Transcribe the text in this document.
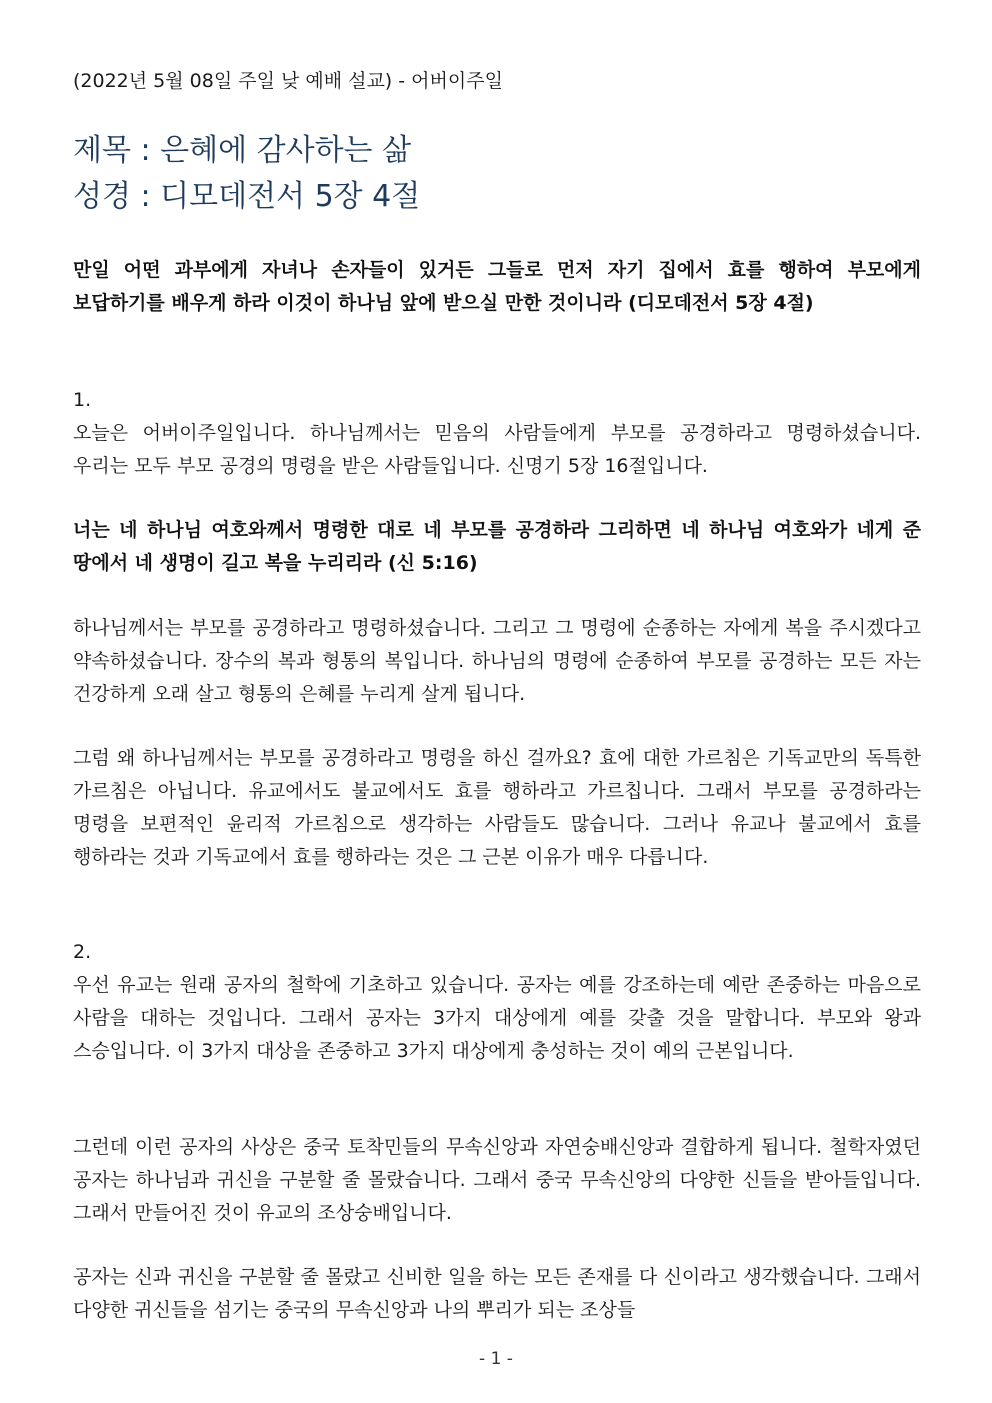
(2022년 5월 08일 주일 낮 예배 설교) - 어버이주일
제목 : 은혜에 감사하는 삶
성경 : 디모데전서 5장 4절
만일 어떤 과부에게 자녀나 손자들이 있거든 그들로 먼저 자기 집에서 효를 행하여 부모에게 보답하기를 배우게 하라 이것이 하나님 앞에 받으실 만한 것이니라 (디모데전서 5장 4절)
1.
오늘은 어버이주일입니다. 하나님께서는 믿음의 사람들에게 부모를 공경하라고 명령하셨습니다. 우리는 모두 부모 공경의 명령을 받은 사람들입니다. 신명기 5장 16절입니다.
너는 네 하나님 여호와께서 명령한 대로 네 부모를 공경하라 그리하면 네 하나님 여호와가 네게 준 땅에서 네 생명이 길고 복을 누리리라 (신 5:16)
하나님께서는 부모를 공경하라고 명령하셨습니다. 그리고 그 명령에 순종하는 자에게 복을 주시겠다고 약속하셨습니다. 장수의 복과 형통의 복입니다. 하나님의 명령에 순종하여 부모를 공경하는 모든 자는 건강하게 오래 살고 형통의 은혜를 누리게 살게 됩니다.
그럼 왜 하나님께서는 부모를 공경하라고 명령을 하신 걸까요? 효에 대한 가르침은 기독교만의 독특한 가르침은 아닙니다. 유교에서도 불교에서도 효를 행하라고 가르칩니다. 그래서 부모를 공경하라는 명령을 보편적인 윤리적 가르침으로 생각하는 사람들도 많습니다. 그러나 유교나 불교에서 효를 행하라는 것과 기독교에서 효를 행하라는 것은 그 근본 이유가 매우 다릅니다.
2.
우선 유교는 원래 공자의 철학에 기초하고 있습니다. 공자는 예를 강조하는데 예란 존중하는 마음으로 사람을 대하는 것입니다. 그래서 공자는 3가지 대상에게 예를 갖출 것을 말합니다. 부모와 왕과 스승입니다. 이 3가지 대상을 존중하고 3가지 대상에게 충성하는 것이 예의 근본입니다.
그런데 이런 공자의 사상은 중국 토착민들의 무속신앙과 자연숭배신앙과 결합하게 됩니다. 철학자였던 공자는 하나님과 귀신을 구분할 줄 몰랐습니다. 그래서 중국 무속신앙의 다양한 신들을 받아들입니다. 그래서 만들어진 것이 유교의 조상숭배입니다.
공자는 신과 귀신을 구분할 줄 몰랐고 신비한 일을 하는 모든 존재를 다 신이라고 생각했습니다. 그래서 다양한 귀신들을 섬기는 중국의 무속신앙과 나의 뿌리가 되는 조상들
- 1 -
